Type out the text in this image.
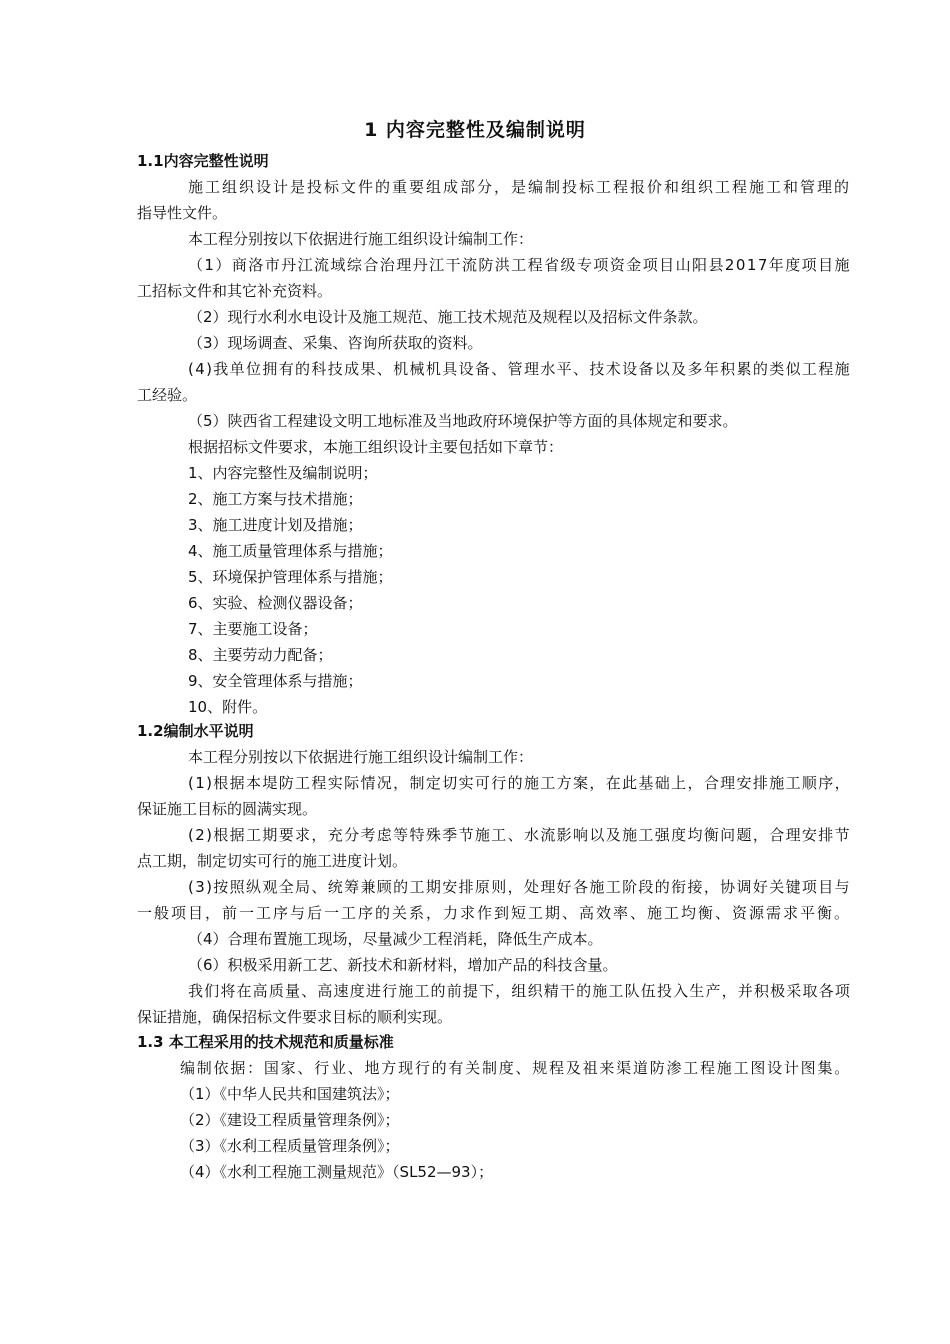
1 内容完整性及编制说明
1.1内容完整性说明
施工组织设计是投标文件的重要组成部分，是编制投标工程报价和组织工程施工和管理的
指导性文件。
本工程分别按以下依据进行施工组织设计编制工作：
（1）商洛市丹江流域综合治理丹江干流防洪工程省级专项资金项目山阳县2017年度项目施
工招标文件和其它补充资料。
（2）现行水利水电设计及施工规范、施工技术规范及规程以及招标文件条款。
（3）现场调查、采集、咨询所获取的资料。
(4)我单位拥有的科技成果、机械机具设备、管理水平、技术设备以及多年积累的类似工程施
工经验。
（5）陕西省工程建设文明工地标准及当地政府环境保护等方面的具体规定和要求。
根据招标文件要求，本施工组织设计主要包括如下章节：
1、内容完整性及编制说明；
2、施工方案与技术措施；
3、施工进度计划及措施；
4、施工质量管理体系与措施；
5、环境保护管理体系与措施；
6、实验、检测仪器设备；
7、主要施工设备；
8、主要劳动力配备；
9、安全管理体系与措施；
10、附件。
1.2编制水平说明
本工程分别按以下依据进行施工组织设计编制工作：
(1)根据本堤防工程实际情况，制定切实可行的施工方案，在此基础上，合理安排施工顺序，
保证施工目标的圆满实现。
(2)根据工期要求，充分考虑等特殊季节施工、水流影响以及施工强度均衡问题，合理安排节
点工期，制定切实可行的施工进度计划。
(3)按照纵观全局、统筹兼顾的工期安排原则，处理好各施工阶段的衔接，协调好关键项目与
一般项目，前一工序与后一工序的关系，力求作到短工期、高效率、施工均衡、资源需求平衡。
（4）合理布置施工现场，尽量减少工程消耗，降低生产成本。
（6）积极采用新工艺、新技术和新材料，增加产品的科技含量。
我们将在高质量、高速度进行施工的前提下，组织精干的施工队伍投入生产，并积极采取各项
保证措施，确保招标文件要求目标的顺利实现。
1.3 本工程采用的技术规范和质量标准
编制依据：国家、行业、地方现行的有关制度、规程及祖来渠道防渗工程施工图设计图集。
（1）《中华人民共和国建筑法》；
（2）《建设工程质量管理条例》；
（3）《水利工程质量管理条例》；
（4）《水利工程施工测量规范》（SL52—93）；
